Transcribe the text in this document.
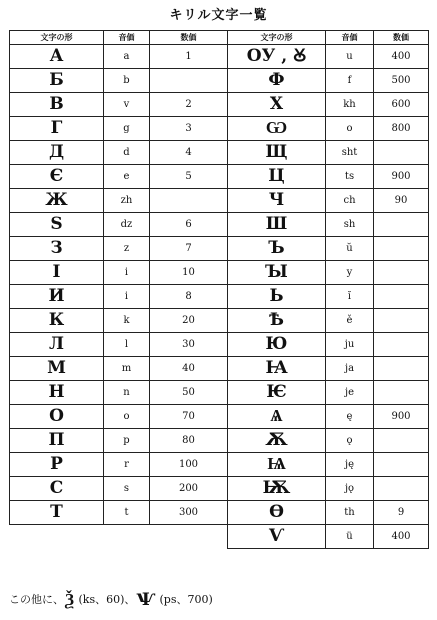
キリル文字一覧
文字の形	音価	数価	文字の形	音価	数価
А	a	1	ОУ , Ꙋ	u	400
Б	b		Ф	f	500
В	v	2	Х	kh	600
Г	g	3	Ѡ	o	800
Д	d	4	Щ	sht	
Є	e	5	Ц	ts	900
Ж	zh		Ч	ch	90
Ѕ	dz	6	Ш	sh	
З	z	7	Ъ	ŭ	
І	i	10	Ꙑ	y	
И	i	8	Ь	ĭ	
К	k	20	Ѣ	ě	
Л	l	30	Ю	ju	
М	m	40	Ꙗ	ja	
Н	n	50	Ѥ	je	
О	o	70	Ѧ	ę	900
П	p	80	Ѫ	ǫ	
Р	r	100	Ѩ	ję	
С	s	200	Ѭ	jǫ	
Т	t	300	Ѳ	th	9
			Ѵ	ü	400
この他に、Ѯ (ks、60)、Ѱ (ps、700)
